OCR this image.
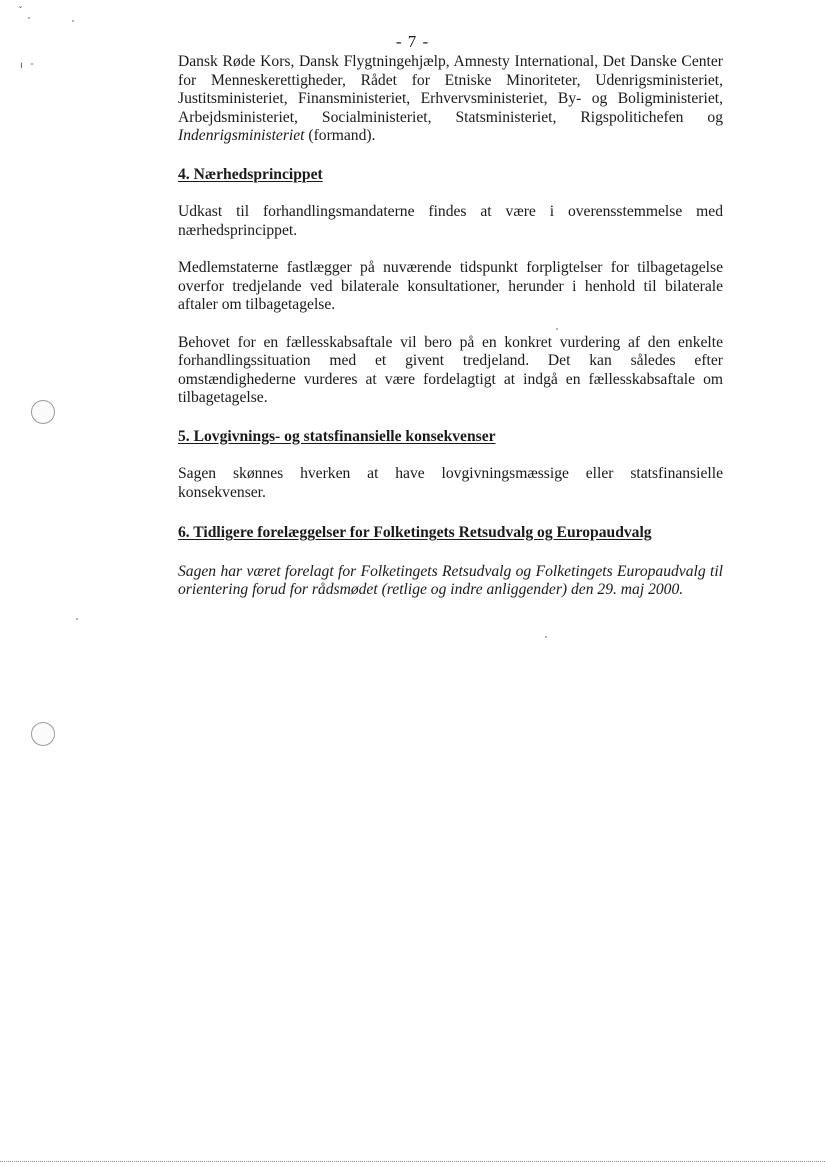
ˇ
ı
- 7 -

Dansk Røde Kors, Dansk Flygtningehjælp, Amnesty International, Det Danske Center for Menneskerettigheder, Rådet for Etniske Minoriteter, Udenrigsministeriet, Justitsministeriet, Finansministeriet, Erhvervsministeriet, By- og Boligministeriet, Arbejdsministeriet, Socialministeriet, Statsministeriet, Rigspolitichefen og Indenrigsministeriet (formand).

4. Nærhedsprincippet

Udkast til forhandlingsmandaterne findes at være i overensstemmelse med nærhedsprincippet.

Medlemstaterne fastlægger på nuværende tidspunkt forpligtelser for tilbagetagelse overfor tredjelande ved bilaterale konsultationer, herunder i henhold til bilaterale aftaler om tilbagetagelse.

Behovet for en fællesskabsaftale vil bero på en konkret vurdering af den enkelte forhandlingssituation med et givent tredjeland. Det kan således efter omstændighederne vurderes at være fordelagtigt at indgå en fællesskabsaftale om tilbagetagelse.

5. Lovgivnings- og statsfinansielle konsekvenser

Sagen skønnes hverken at have lovgivningsmæssige eller statsfinansielle konsekvenser.

6. Tidligere forelæggelser for Folketingets Retsudvalg og Europaudvalg

Sagen har været forelagt for Folketingets Retsudvalg og Folketingets Europaudvalg til orientering forud for rådsmødet (retlige og indre anliggender) den 29. maj 2000.
